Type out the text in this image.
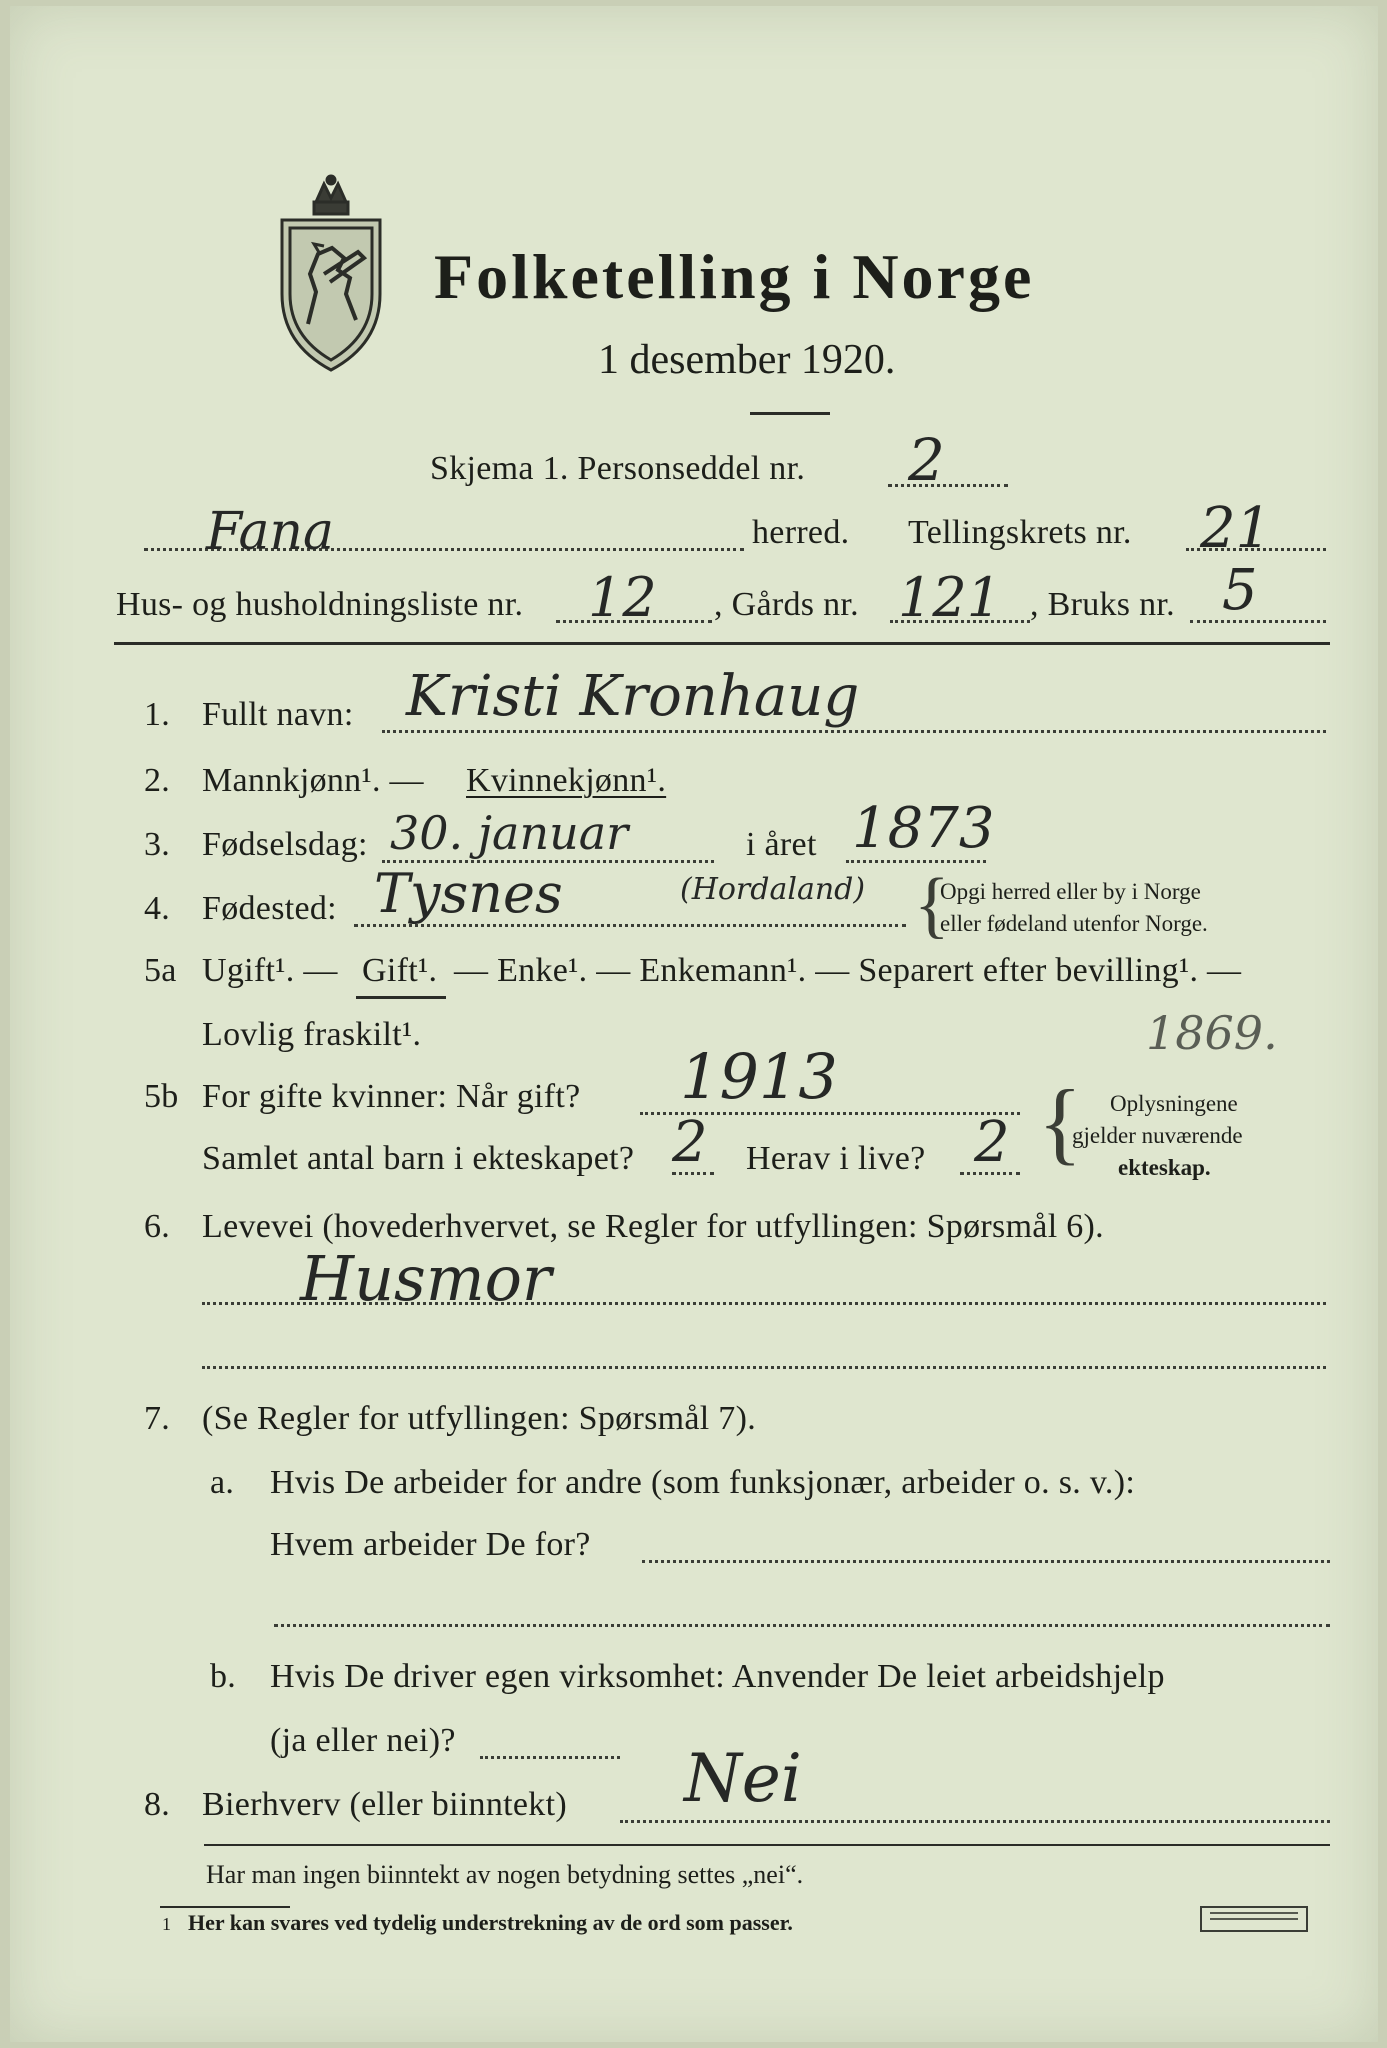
Folketelling i Norge
1 desember 1920.
Skjema 1. Personseddel nr. 2
Fana	herred. Tellingskrets nr. 21
Hus- og husholdningsliste nr. 12 , Gårds nr. 121 , Bruks nr. 5
1. Fullt navn: Kristi Kronhaug
2. Mannkjønn¹. — Kvinnekjønn¹.
3. Fødselsdag: 30. januar	i året 1873
4. Fødested: Tysnes	(Hordaland) {
Opgi herred eller by i Norge
eller fødeland utenfor Norge.
5a Ugift¹. — Gift¹. — Enke¹. — Enkemann¹. — Separert efter bevilling¹. —
Lovlig fraskilt¹.	1869.
5b For gifte kvinner: Når gift? 1913
Samlet antal barn i ekteskapet? 2 Herav i live? 2 { Oplysningene
gjelder nuværende
ekteskap.
6. Levevei (hovederhvervet, se Regler for utfyllingen: Spørsmål 6).
Husmor
7. (Se Regler for utfyllingen: Spørsmål 7).
a. Hvis De arbeider for andre (som funksjonær, arbeider o. s. v.):
Hvem arbeider De for?
b. Hvis De driver egen virksomhet: Anvender De leiet arbeidshjelp
(ja eller nei)?
8. Bierhverv (eller biinntekt) Nei
Har man ingen biinntekt av nogen betydning settes „nei“.
1 Her kan svares ved tydelig understrekning av de ord som passer.
